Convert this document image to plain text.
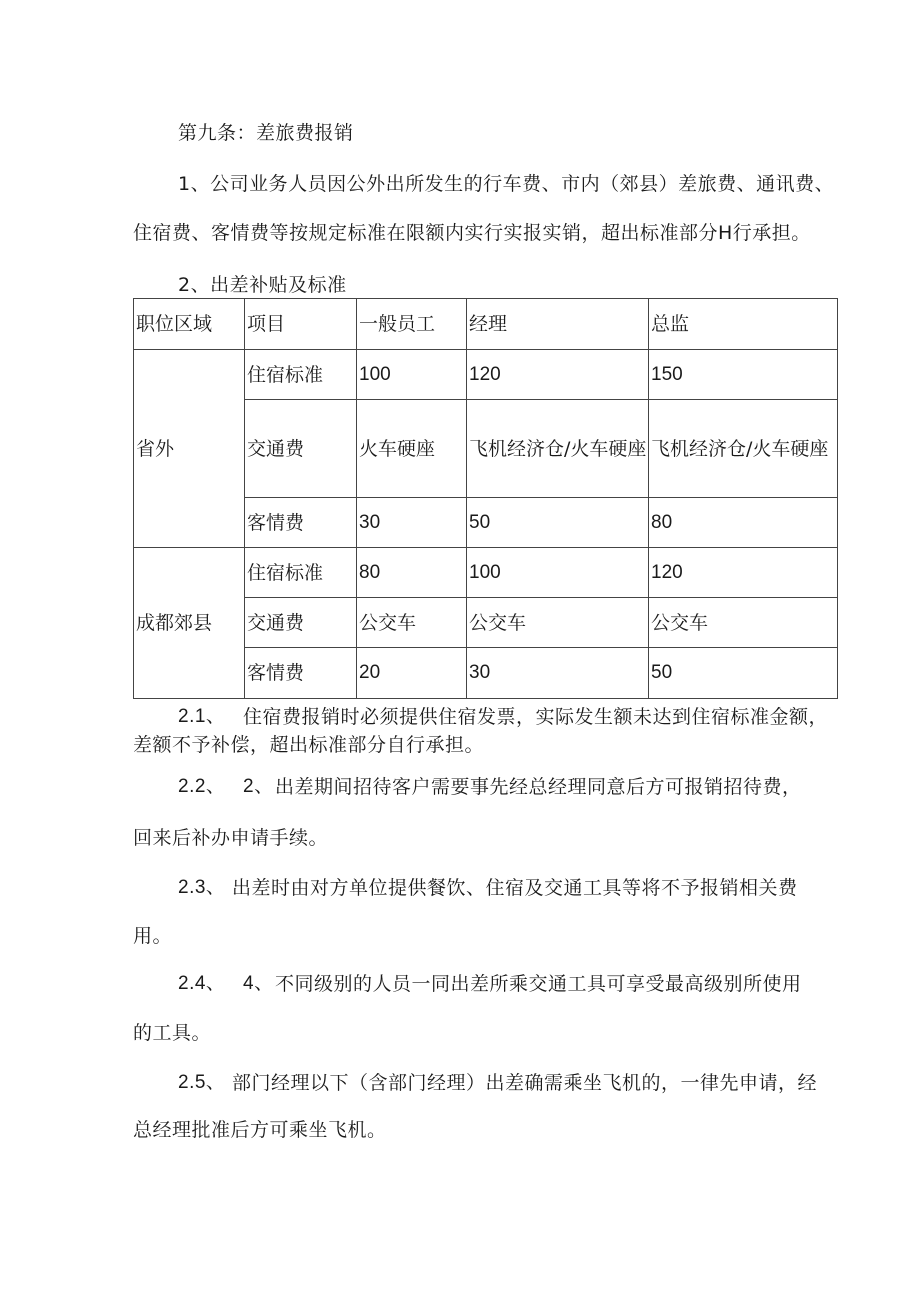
第九条：差旅费报销
1、公司业务人员因公外出所发生的行车费、市内（郊县）差旅费、通讯费、
住宿费、客情费等按规定标准在限额内实行实报实销，超出标准部分H行承担。
2、出差补贴及标准
职位区域	项目	一般员工	经理	总监
省外	住宿标准	100	120	150
	交通费	火车硬座	飞机经济仓/火车硬座	飞机经济仓/火车硬座
	客情费	30	50	80
成都郊县	住宿标准	80	100	120
	交通费	公交车	公交车	公交车
	客情费	20	30	50
2.1、 住宿费报销时必须提供住宿发票，实际发生额未达到住宿标准金额，
差额不予补偿，超出标准部分自行承担。
2.2、 2、 出差期间招待客户需要事先经总经理同意后方可报销招待费，
回来后补办申请手续。
2.3、 出差时由对方单位提供餐饮、住宿及交通工具等将不予报销相关费
用。
2.4、 4、 不同级别的人员一同出差所乘交通工具可享受最高级别所使用
的工具。
2.5、 部门经理以下（含部门经理）出差确需乘坐飞机的，一律先申请，经
总经理批准后方可乘坐飞机。
